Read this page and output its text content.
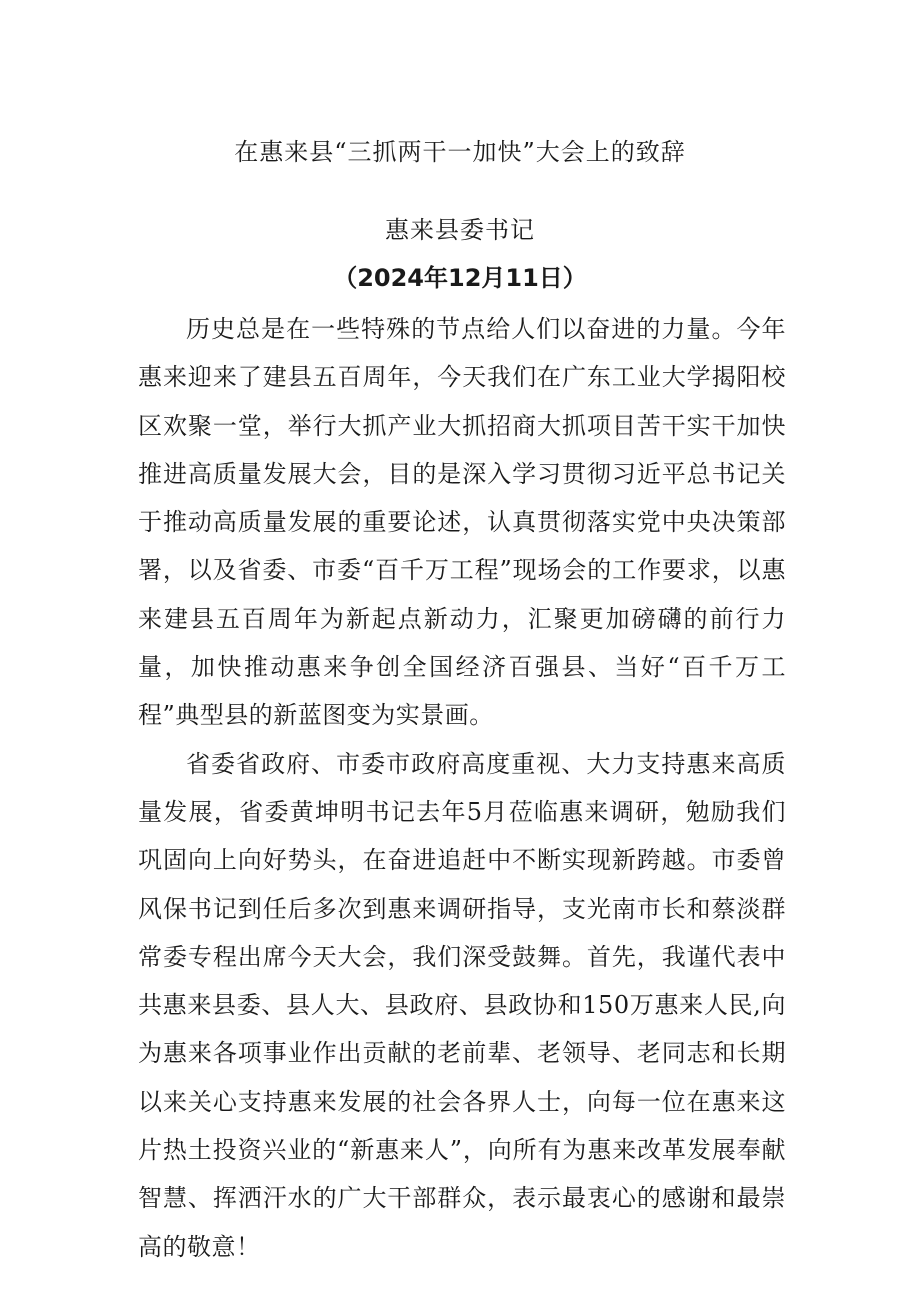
在惠来县“三抓两干一加快”大会上的致辞
惠来县委书记
（2024年12月11日）

历史总是在一些特殊的节点给人们以奋进的力量。今年惠来迎来了建县五百周年，今天我们在广东工业大学揭阳校区欢聚一堂，举行大抓产业大抓招商大抓项目苦干实干加快推进高质量发展大会，目的是深入学习贯彻习近平总书记关于推动高质量发展的重要论述，认真贯彻落实党中央决策部署，以及省委、市委“百千万工程”现场会的工作要求，以惠来建县五百周年为新起点新动力，汇聚更加磅礴的前行力量，加快推动惠来争创全国经济百强县、当好“百千万工程”典型县的新蓝图变为实景画。

省委省政府、市委市政府高度重视、大力支持惠来高质量发展，省委黄坤明书记去年5月莅临惠来调研，勉励我们巩固向上向好势头，在奋进追赶中不断实现新跨越。市委曾风保书记到任后多次到惠来调研指导，支光南市长和蔡淡群常委专程出席今天大会，我们深受鼓舞。首先，我谨代表中共惠来县委、县人大、县政府、县政协和150万惠来人民,向为惠来各项事业作出贡献的老前辈、老领导、老同志和长期以来关心支持惠来发展的社会各界人士，向每一位在惠来这片热土投资兴业的“新惠来人”，向所有为惠来改革发展奉献智慧、挥洒汗水的广大干部群众，表示最衷心的感谢和最崇高的敬意！
